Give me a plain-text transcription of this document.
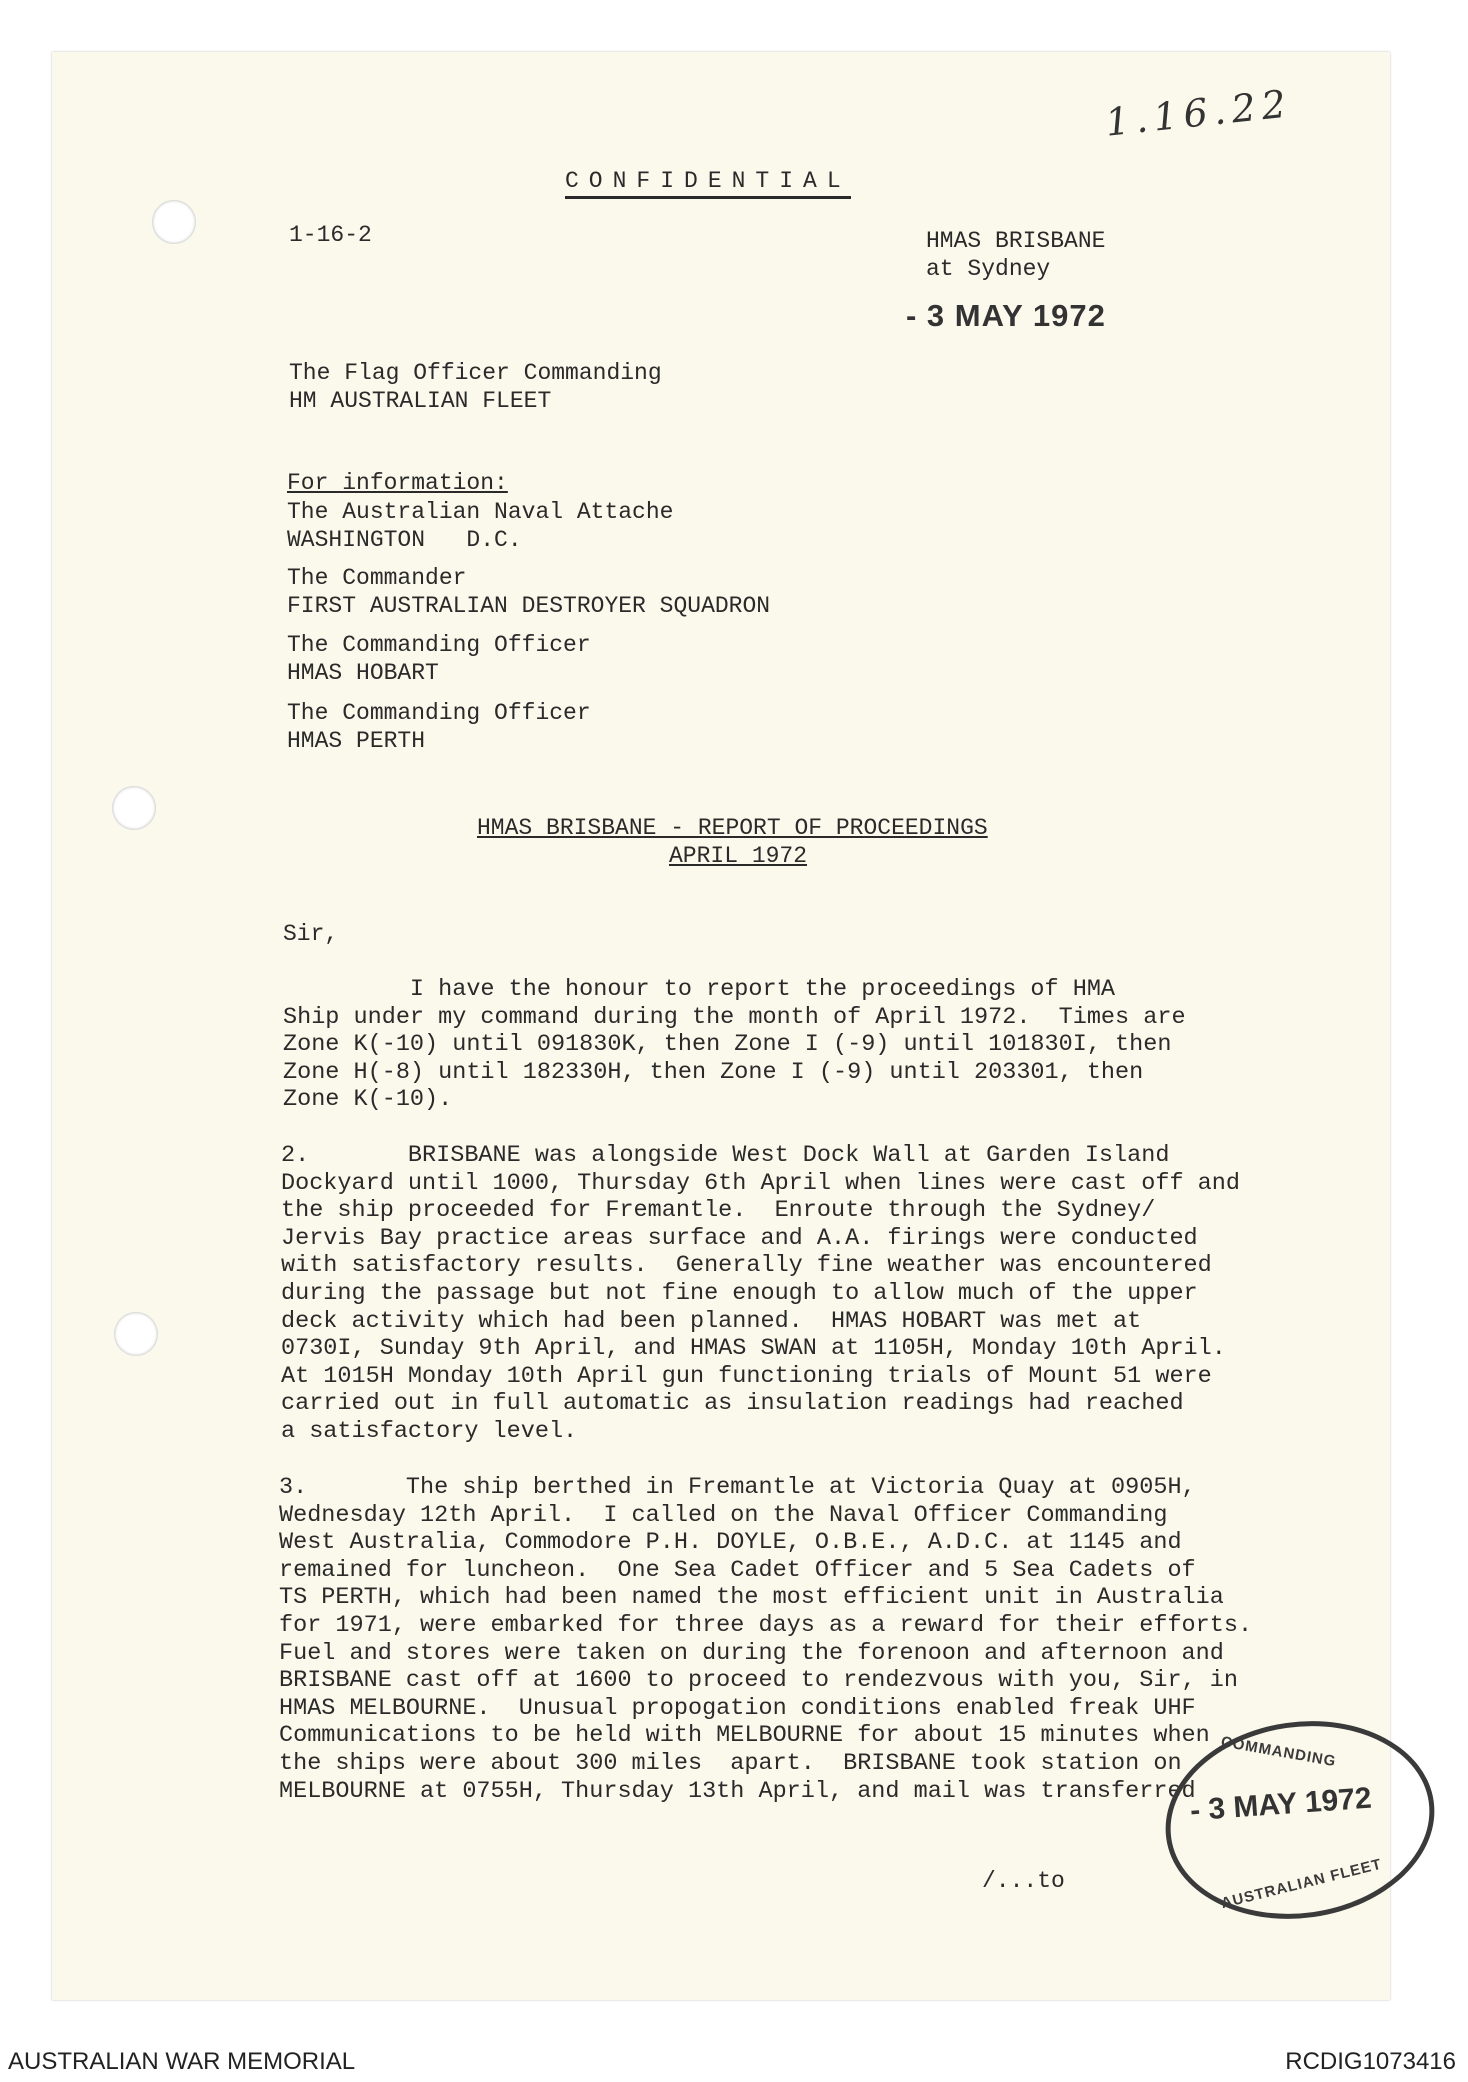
1.16.22
CONFIDENTIAL
1-16-2	HMAS BRISBANE
at Sydney
- 3 MAY 1972
The Flag Officer Commanding
HM AUSTRALIAN FLEET
For information:
The Australian Naval Attache
WASHINGTON   D.C.
The Commander
FIRST AUSTRALIAN DESTROYER SQUADRON
The Commanding Officer
HMAS HOBART
The Commanding Officer
HMAS PERTH
HMAS BRISBANE - REPORT OF PROCEEDINGS
APRIL 1972
Sir,
I have the honour to report the proceedings of HMA
Ship under my command during the month of April 1972.  Times are
Zone K(-10) until 091830K, then Zone I (-9) until 101830I, then
Zone H(-8) until 182330H, then Zone I (-9) until 203301, then
Zone K(-10).
2.       BRISBANE was alongside West Dock Wall at Garden Island
Dockyard until 1000, Thursday 6th April when lines were cast off and
the ship proceeded for Fremantle.  Enroute through the Sydney/
Jervis Bay practice areas surface and A.A. firings were conducted
with satisfactory results.  Generally fine weather was encountered
during the passage but not fine enough to allow much of the upper
deck activity which had been planned.  HMAS HOBART was met at
0730I, Sunday 9th April, and HMAS SWAN at 1105H, Monday 10th April.
At 1015H Monday 10th April gun functioning trials of Mount 51 were
carried out in full automatic as insulation readings had reached
a satisfactory level.
3.       The ship berthed in Fremantle at Victoria Quay at 0905H,
Wednesday 12th April.  I called on the Naval Officer Commanding
West Australia, Commodore P.H. DOYLE, O.B.E., A.D.C. at 1145 and
remained for luncheon.  One Sea Cadet Officer and 5 Sea Cadets of
TS PERTH, which had been named the most efficient unit in Australia
for 1971, were embarked for three days as a reward for their efforts.
Fuel and stores were taken on during the forenoon and afternoon and
BRISBANE cast off at 1600 to proceed to rendezvous with you, Sir, in
HMAS MELBOURNE.  Unusual propogation conditions enabled freak UHF
Communications to be held with MELBOURNE for about 15 minutes when
the ships were about 300 miles  apart.  BRISBANE took station on
MELBOURNE at 0755H, Thursday 13th April, and mail was transferred
/...to
COMMANDING
AUSTRALIAN FLEET
- 3 MAY 1972
AUSTRALIAN WAR MEMORIAL	RCDIG1073416
